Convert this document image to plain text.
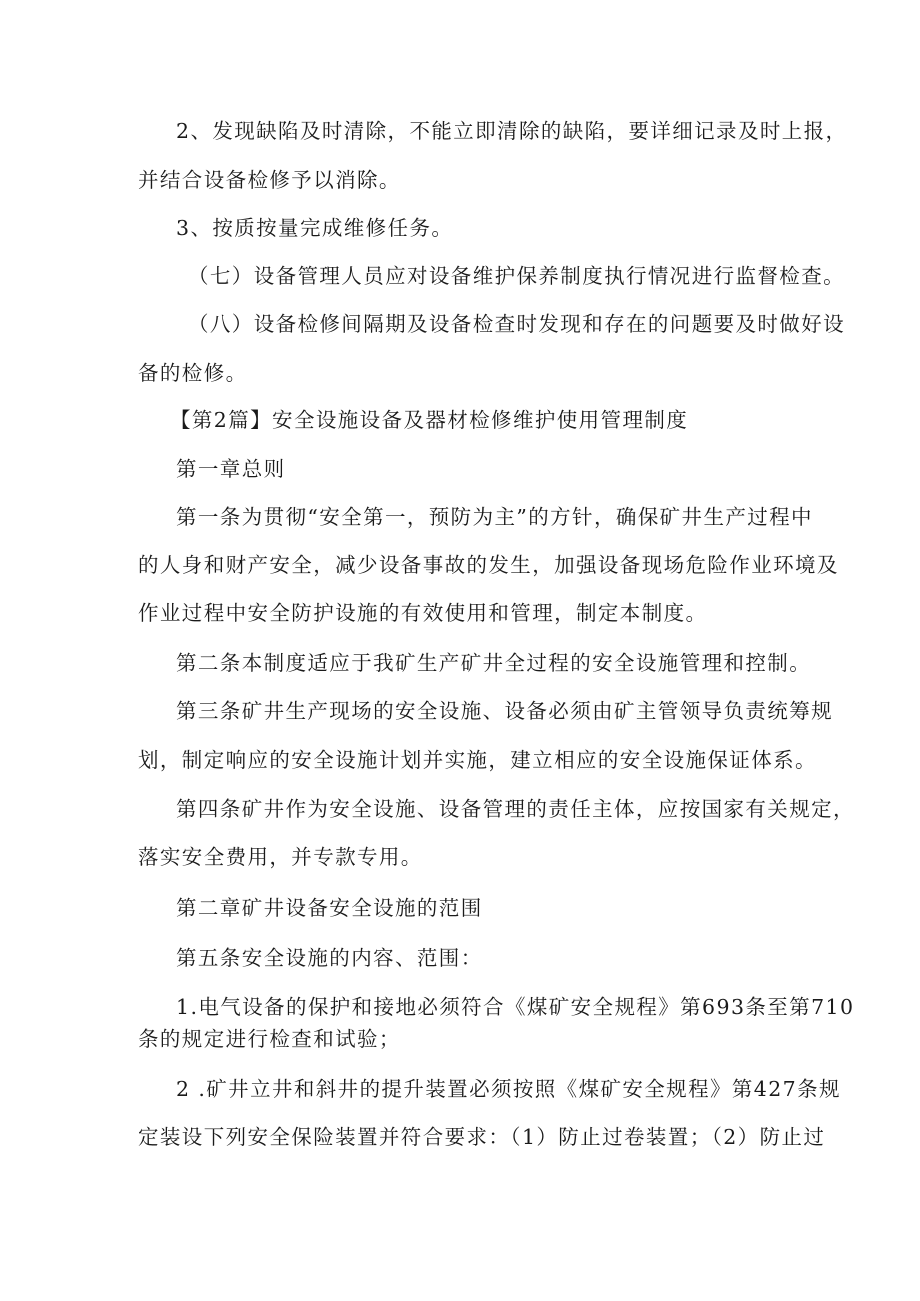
2、发现缺陷及时清除，不能立即清除的缺陷，要详细记录及时上报，
并结合设备检修予以消除。
3、按质按量完成维修任务。
（七）设备管理人员应对设备维护保养制度执行情况进行监督检查。
（八）设备检修间隔期及设备检查时发现和存在的问题要及时做好设
备的检修。
【第2篇】安全设施设备及器材检修维护使用管理制度
第一章总则
第一条为贯彻“安全第一，预防为主”的方针，确保矿井生产过程中
的人身和财产安全，减少设备事故的发生，加强设备现场危险作业环境及
作业过程中安全防护设施的有效使用和管理，制定本制度。
第二条本制度适应于我矿生产矿井全过程的安全设施管理和控制。
第三条矿井生产现场的安全设施、设备必须由矿主管领导负责统筹规
划，制定响应的安全设施计划并实施，建立相应的安全设施保证体系。
第四条矿井作为安全设施、设备管理的责任主体，应按国家有关规定，
落实安全费用，并专款专用。
第二章矿井设备安全设施的范围
第五条安全设施的内容、范围：
1.电气设备的保护和接地必须符合《煤矿安全规程》第693条至第710
条的规定进行检查和试验；
2 .矿井立井和斜井的提升装置必须按照《煤矿安全规程》第427条规
定装设下列安全保险装置并符合要求：（1）防止过卷装置；（2）防止过
